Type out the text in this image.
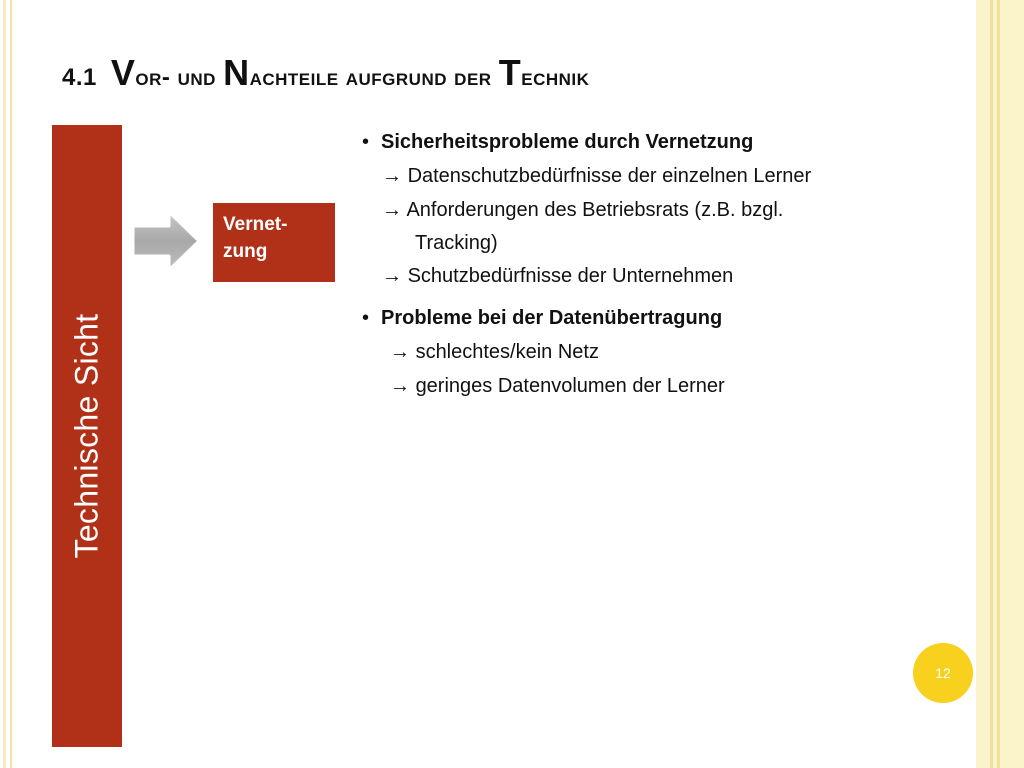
4.1 Vor- und Nachteile aufgrund der Technik
Technische Sicht
Vernet-
zung
• Sicherheitsprobleme durch Vernetzung
→ Datenschutzbedürfnisse der einzelnen Lerner
→ Anforderungen des Betriebsrats (z.B. bzgl.
Tracking)
→ Schutzbedürfnisse der Unternehmen
• Probleme bei der Datenübertragung
→ schlechtes/kein Netz
→ geringes Datenvolumen der Lerner
12
